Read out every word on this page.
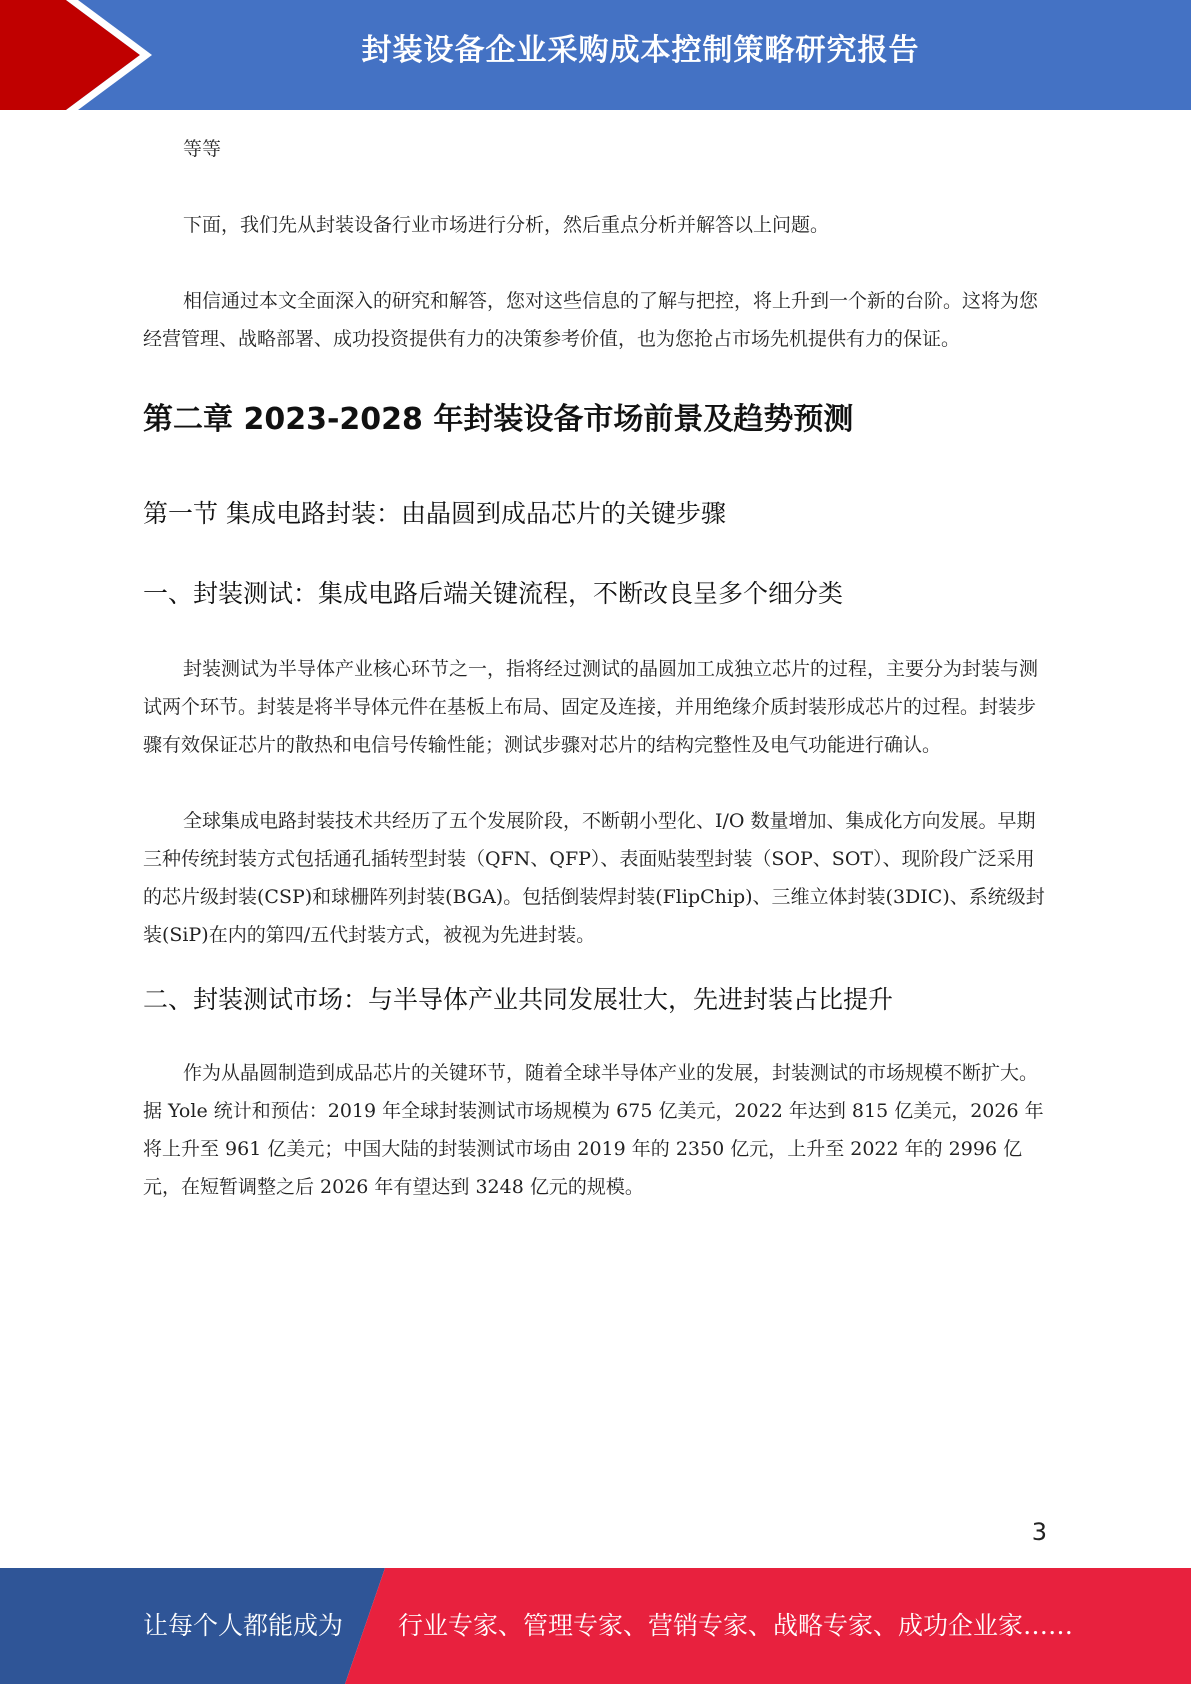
封装设备企业采购成本控制策略研究报告

等等

下面，我们先从封装设备行业市场进行分析，然后重点分析并解答以上问题。

相信通过本文全面深入的研究和解答，您对这些信息的了解与把控，将上升到一个新的台阶。这将为您经营管理、战略部署、成功投资提供有力的决策参考价值，也为您抢占市场先机提供有力的保证。

第二章 2023-2028 年封装设备市场前景及趋势预测
第一节 集成电路封装：由晶圆到成品芯片的关键步骤
一、封装测试：集成电路后端关键流程，不断改良呈多个细分类

封装测试为半导体产业核心环节之一，指将经过测试的晶圆加工成独立芯片的过程，主要分为封装与测试两个环节。封装是将半导体元件在基板上布局、固定及连接，并用绝缘介质封装形成芯片的过程。封装步骤有效保证芯片的散热和电信号传输性能；测试步骤对芯片的结构完整性及电气功能进行确认。

全球集成电路封装技术共经历了五个发展阶段，不断朝小型化、I/O 数量增加、集成化方向发展。早期三种传统封装方式包括通孔插转型封装（QFN、QFP）、表面贴装型封装（SOP、SOT）、现阶段广泛采用的芯片级封装(CSP)和球栅阵列封装(BGA)。包括倒装焊封装(FlipChip)、三维立体封装(3DIC)、系统级封装(SiP)在内的第四/五代封装方式，被视为先进封装。

二、封装测试市场：与半导体产业共同发展壮大，先进封装占比提升

作为从晶圆制造到成品芯片的关键环节，随着全球半导体产业的发展，封装测试的市场规模不断扩大。据 Yole 统计和预估：2019 年全球封装测试市场规模为 675 亿美元，2022 年达到 815 亿美元，2026 年将上升至 961 亿美元；中国大陆的封装测试市场由 2019 年的 2350 亿元，上升至 2022 年的 2996 亿元，在短暂调整之后 2026 年有望达到 3248 亿元的规模。

3
让每个人都能成为 行业专家、管理专家、营销专家、战略专家、成功企业家……
